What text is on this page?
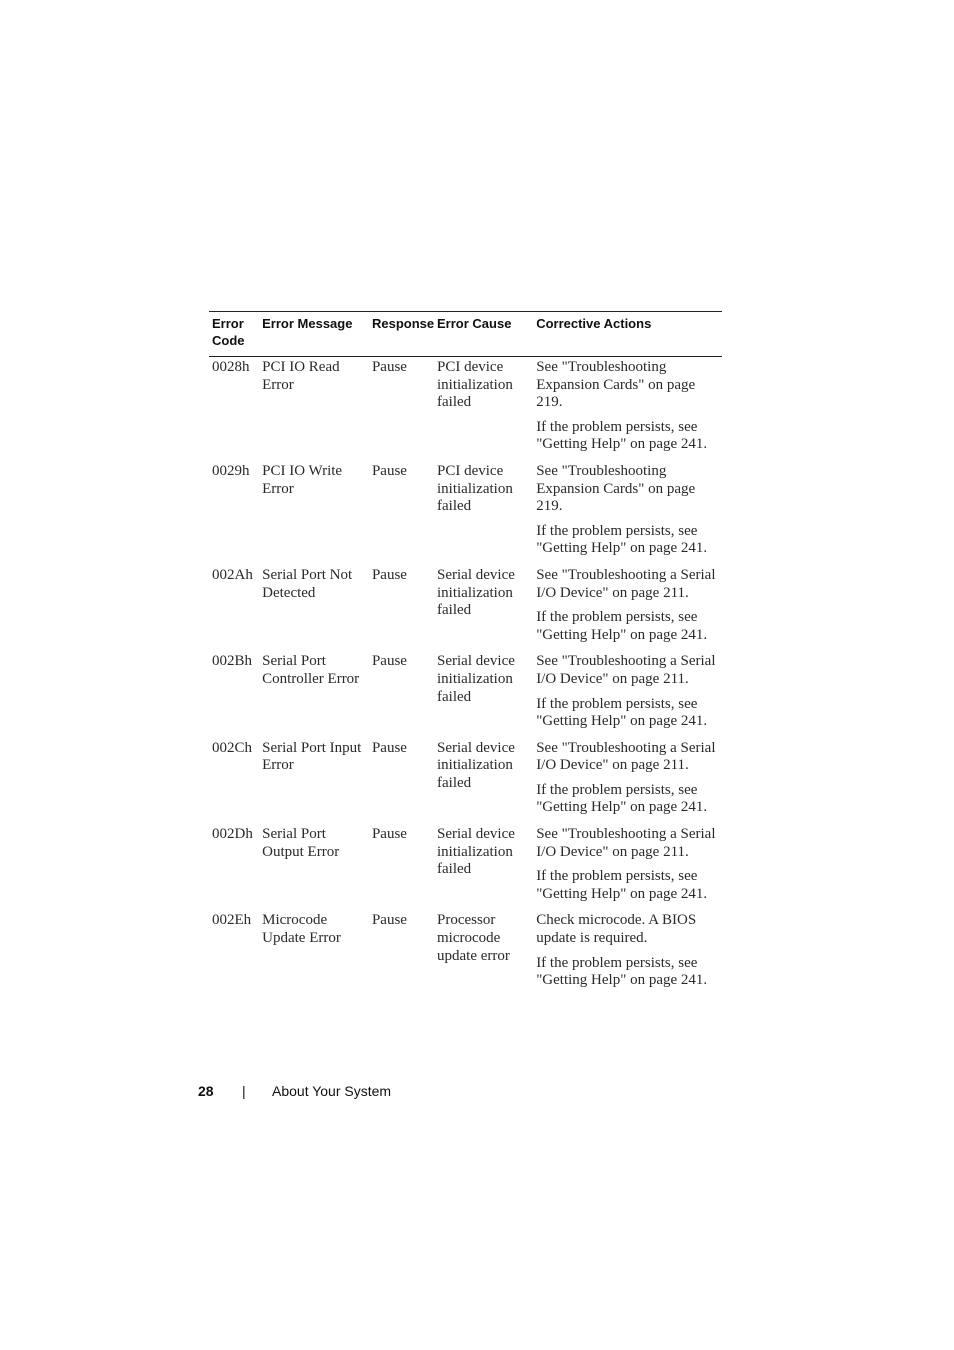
Error Code	Error Message	Response	Error Cause	Corrective Actions
0028h	PCI IO Read Error	Pause	PCI device initialization failed	See "Troubleshooting Expansion Cards" on page 219.

If the problem persists, see "Getting Help" on page 241.

0029h	PCI IO Write Error	Pause	PCI device initialization failed	See "Troubleshooting Expansion Cards" on page 219.

If the problem persists, see "Getting Help" on page 241.

002Ah	Serial Port Not Detected	Pause	Serial device initialization failed	See "Troubleshooting a Serial I/O Device" on page 211.

If the problem persists, see "Getting Help" on page 241.

002Bh	Serial Port Controller Error	Pause	Serial device initialization failed	See "Troubleshooting a Serial I/O Device" on page 211.

If the problem persists, see "Getting Help" on page 241.

002Ch	Serial Port Input Error	Pause	Serial device initialization failed	See "Troubleshooting a Serial I/O Device" on page 211.

If the problem persists, see "Getting Help" on page 241.

002Dh	Serial Port Output Error	Pause	Serial device initialization failed	See "Troubleshooting a Serial I/O Device" on page 211.

If the problem persists, see "Getting Help" on page 241.

002Eh	Microcode Update Error	Pause	Processor microcode update error	Check microcode. A BIOS update is required.

If the problem persists, see "Getting Help" on page 241.

28 | About Your System
